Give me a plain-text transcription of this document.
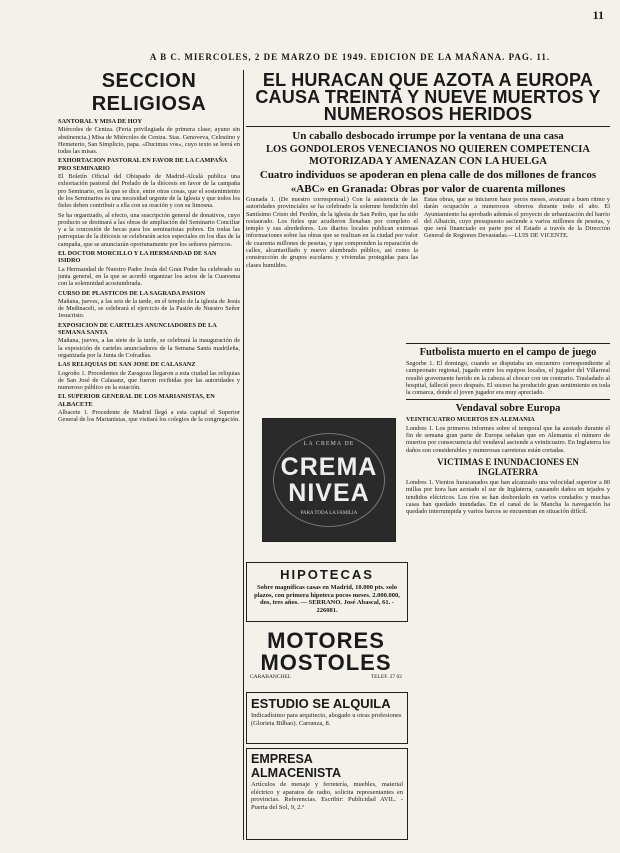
11
A B C. MIERCOLES, 2 DE MARZO DE 1949. EDICION DE LA MAÑANA. PAG. 11.
SECCION RELIGIOSA
SANTORAL Y MISA DE HOY

Miércoles de Ceniza. (Feria privilegiada de primera clase; ayuno sin abstinencia.) Misa de Miércoles de Ceniza. Stas. Genoveva, Celestino y Hemeterio, San Simplicio, papa. «Ducimus vos», cuyo texto se leerá en todas las misas.

EXHORTACION PASTORAL EN FAVOR DE LA CAMPAÑA PRO SEMINARIO

El Boletín Oficial del Obispado de Madrid-Alcalá publica una exhortación pastoral del Prelado de la diócesis en favor de la campaña pro Seminario, en la que se dice, entre otras cosas, que el sostenimiento de los Seminarios es una necesidad urgente de la Iglesia y que todos los fieles deben contribuir a ella con su oración y con su limosna.

Se ha organizado, al efecto, una suscripción general de donativos, cuyo producto se destinará a las obras de ampliación del Seminario Conciliar y a la concesión de becas para los seminaristas pobres. En todas las parroquias de la diócesis se celebrarán actos especiales en los días de la campaña, que se anunciarán oportunamente por los señores párrocos.

EL DOCTOR MORCILLO Y LA HERMANDAD DE SAN ISIDRO

La Hermandad de Nuestro Padre Jesús del Gran Poder ha celebrado su junta general, en la que se acordó organizar los actos de la Cuaresma con la solemnidad acostumbrada.

CURSO DE PLASTICOS DE LA SAGRADA PASION

Mañana, jueves, a las seis de la tarde, en el templo de la iglesia de Jesús de Medinaceli, se celebrará el ejercicio de la Pasión de Nuestro Señor Jesucristo.

EXPOSICION DE CARTELES ANUNCIADORES DE LA SEMANA SANTA

Mañana, jueves, a las siete de la tarde, se celebrará la inauguración de la exposición de carteles anunciadores de la Semana Santa madrileña, organizada por la Junta de Cofradías.

LAS RELIQUIAS DE SAN JOSE DE CALASANZ

Logroño 1. Procedentes de Zaragoza llegaron a esta ciudad las reliquias de San José de Calasanz, que fueron recibidas por las autoridades y numeroso público en la estación.

EL SUPERIOR GENERAL DE LOS MARIANISTAS, EN ALBACETE

Albacete 1. Procedente de Madrid llegó a esta capital el Superior General de los Marianistas, que visitará los colegios de la congregación.

EL HURACAN QUE AZOTA A EUROPA
CAUSA TREINTA Y NUEVE MUERTOS Y NUMEROSOS HERIDOS
Un caballo desbocado irrumpe por la ventana de una casa
LOS GONDOLEROS VENECIANOS NO QUIEREN COMPETENCIA MOTORIZADA Y AMENAZAN CON LA HUELGA
Cuatro individuos se apoderan en plena calle de dos millones de francos
«ABC» en Granada: Obras por valor de cuarenta millones

Granada 1. (De nuestro corresponsal.) Con la asistencia de las autoridades provinciales se ha celebrado la solemne bendición del Santísimo Cristo del Perdón, de la iglesia de San Pedro, que ha sido restaurado. Los fieles que acudieron llenaban por completo el templo y sus alrededores. Los diarios locales publican extensas informaciones sobre las obras que se realizan en la ciudad por valor de cuarenta millones de pesetas, y que comprenden la reparación de calles, alcantarillado y nuevo alumbrado público, así como la construcción de grupos escolares y viviendas protegidas para las clases humildes.

Estas obras, que se iniciaron hace pocos meses, avanzan a buen ritmo y darán ocupación a numerosos obreros durante todo el año. El Ayuntamiento ha aprobado además el proyecto de urbanización del barrio del Albaicín, cuyo presupuesto asciende a varios millones de pesetas, y que será financiado en parte por el Estado a través de la Dirección General de Regiones Devastadas.—LUIS DE VICENTE.

Futbolista muerto en el campo de juego

Segorbe 1. El domingo, cuando se disputaba un encuentro correspondiente al campeonato regional, jugado entre los equipos locales, el jugador del Villarreal resultó gravemente herido en la cabeza al chocar con un contrario. Trasladado al hospital, falleció poco después. El suceso ha producido gran sentimiento en toda la comarca, donde el joven jugador era muy apreciado.

Vendaval sobre Europa
VEINTICUATRO MUERTOS EN ALEMANIA

Londres 1. Los primeros informes sobre el temporal que ha azotado durante el fin de semana gran parte de Europa señalan que en Alemania el número de muertos por consecuencia del vendaval asciende a veinticuatro. En Inglaterra los daños son considerables y numerosas carreteras están cortadas.

VICTIMAS E INUNDACIONES EN INGLATERRA

Londres 1. Vientos huracanados que han alcanzado una velocidad superior a 80 millas por hora han azotado el sur de Inglaterra, causando daños en tejados y tendidos eléctricos. Los ríos se han desbordado en varios condados y muchas casas han quedado inundadas. En el canal de la Mancha la navegación ha quedado interrumpida y varios barcos se encuentran en situación difícil.

LA CREMA DE
CREMA
NIVEA
PARA TODA LA FAMILIA
HIPOTECAS
Sobre magníficas casas en Madrid, 10.000 pts. solo plazos, con primera hipoteca pocos meses. 2.000.000, dos, tres años. — SERRANO. José Abascal, 61. - 226081.
MOTORES
MOSTOLES
CARABANCHEL	TELEF. 27 02
ESTUDIO SE ALQUILA
Indicadísimo para arquitecto, abogado u otras profesiones (Glorieta Bilbao). Carranza, 8.
EMPRESA ALMACENISTA
Artículos de menaje y ferretería, muebles, material eléctrico y aparatos de radio, solicita representantes en provincias. Referencias. Escribir: Publicidad AVIL. - Puerta del Sol, 9, 2.º
